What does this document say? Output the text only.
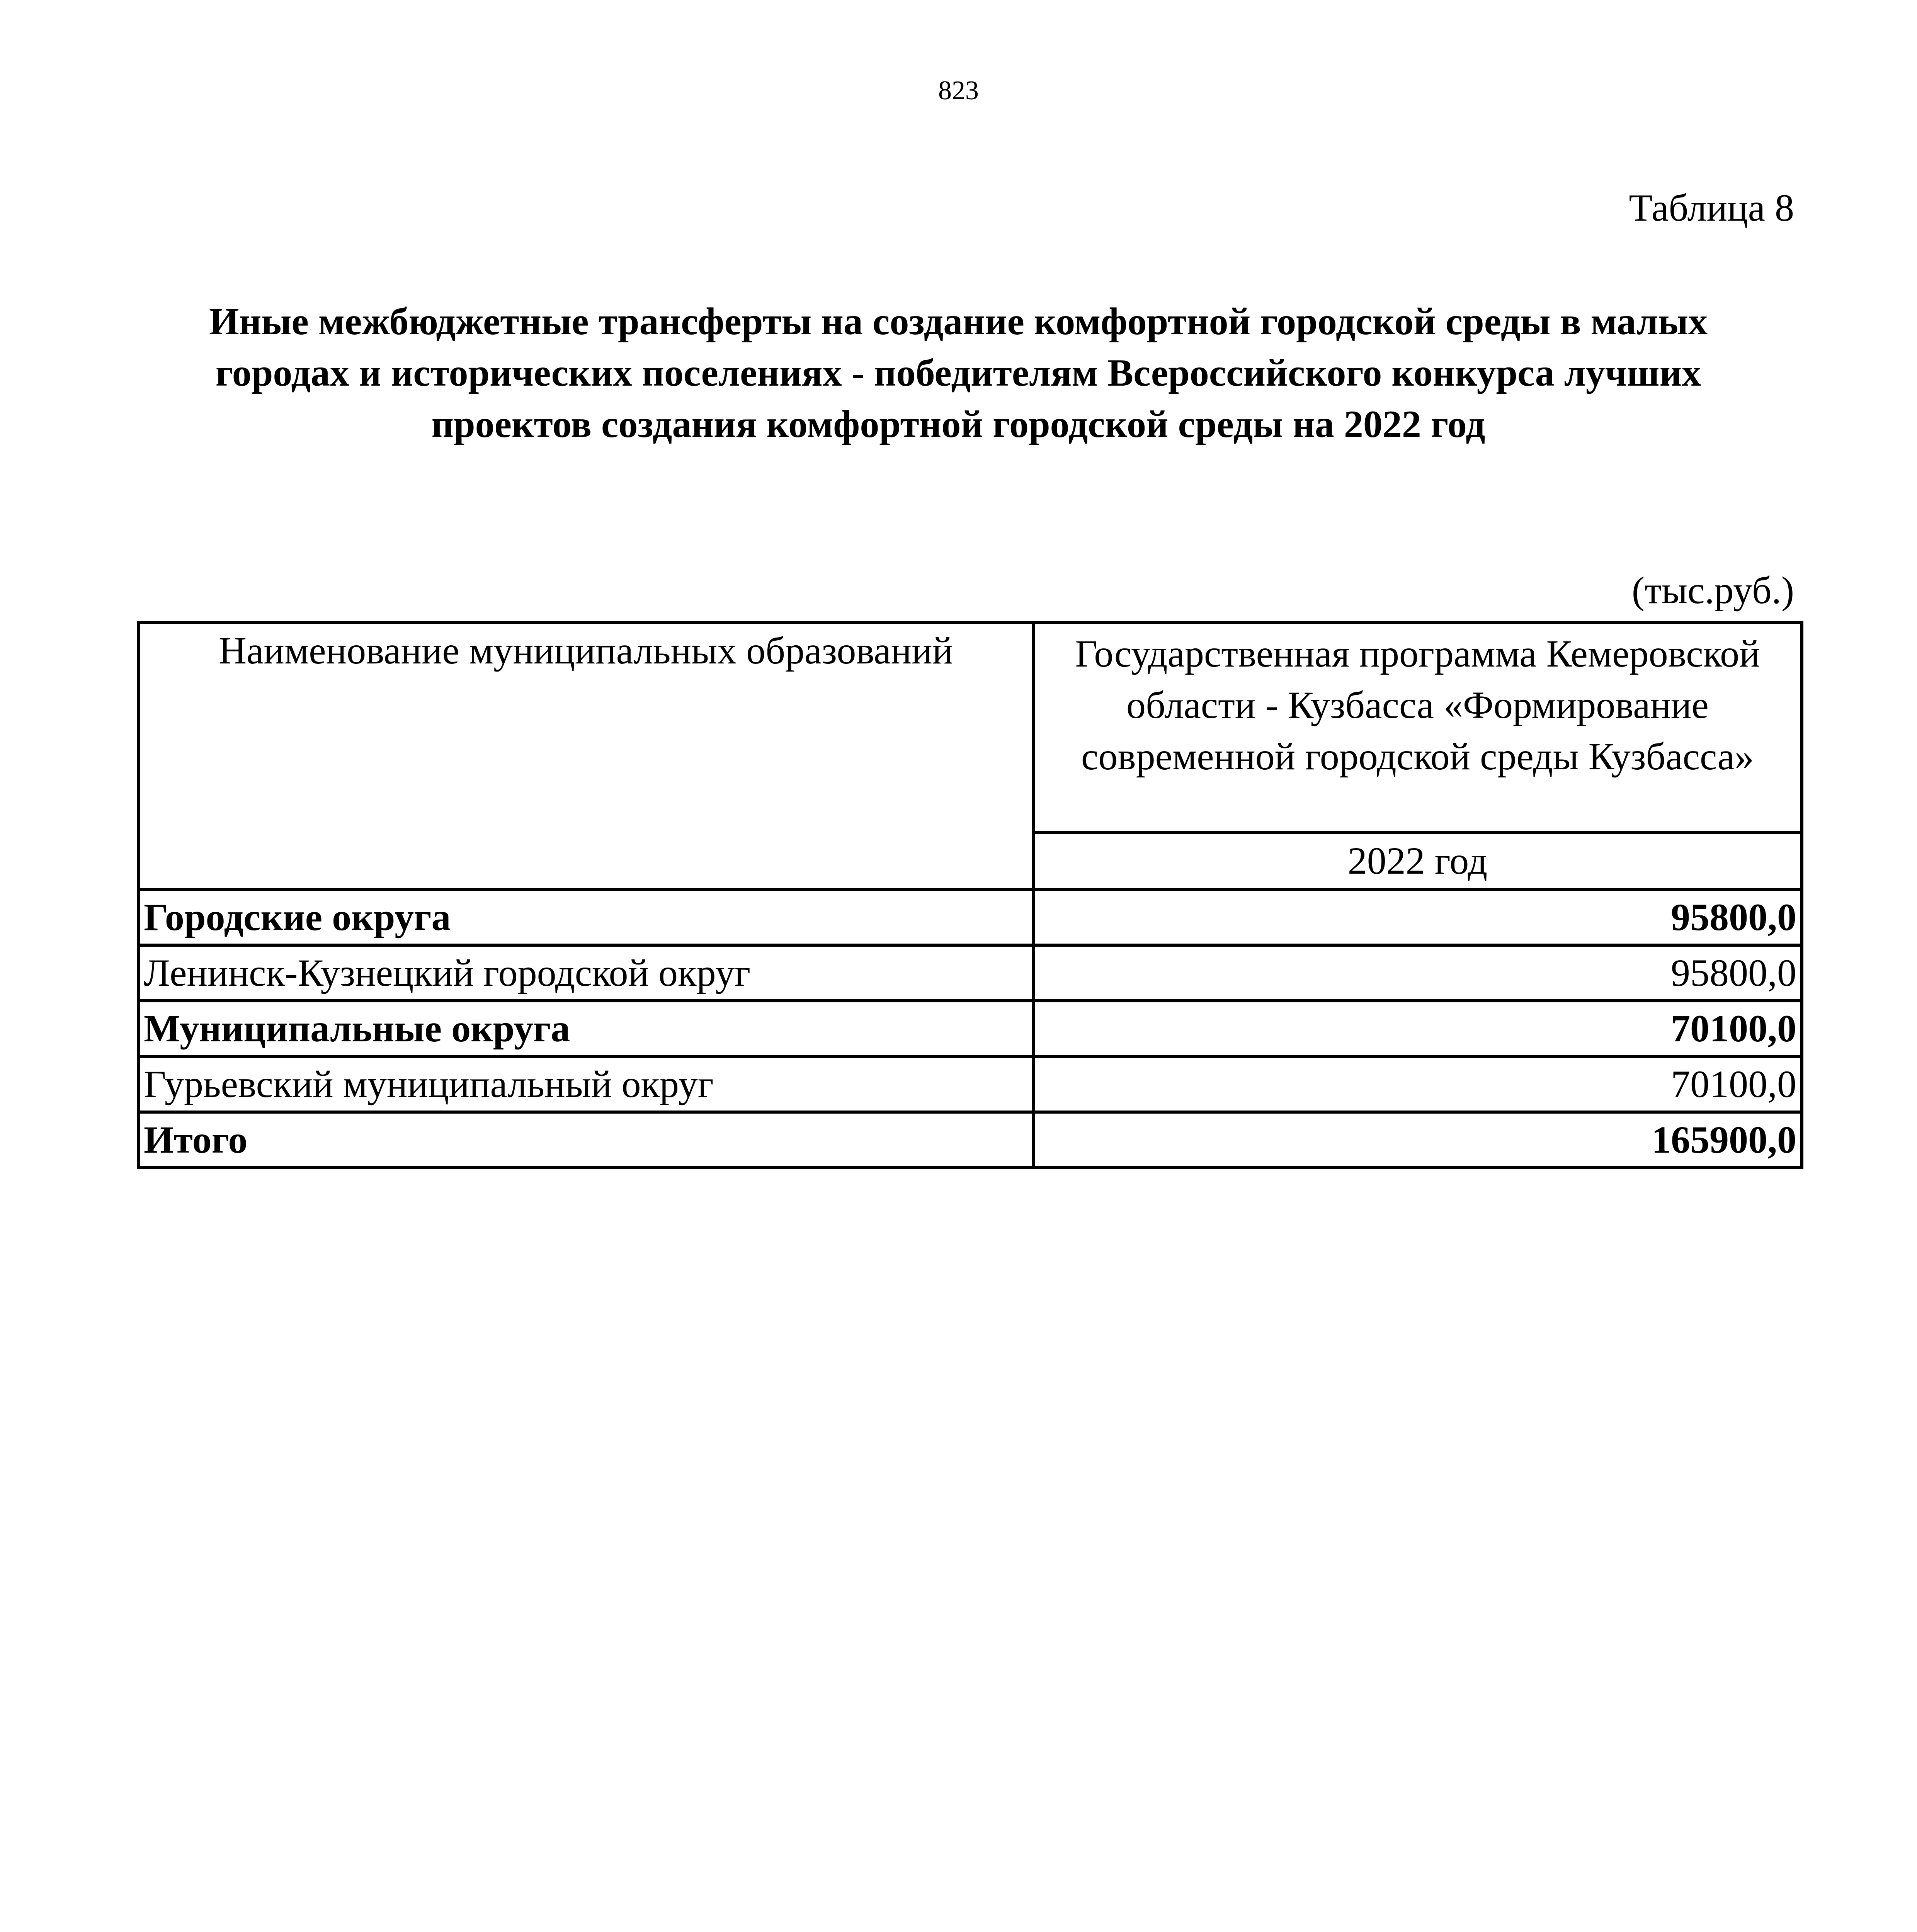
823
Таблица 8
Иные межбюджетные трансферты на создание комфортной городской среды в малых городах и исторических поселениях - победителям Всероссийского конкурса лучших проектов создания комфортной городской среды на 2022 год
(тыс.руб.)
Наименование муниципальных образований	Государственная программа Кемеровской области - Кузбасса «Формирование современной городской среды Кузбасса»
	2022 год
Городские округа	95800,0
Ленинск-Кузнецкий городской округ	95800,0
Муниципальные округа	70100,0
Гурьевский муниципальный округ	70100,0
Итого	165900,0
